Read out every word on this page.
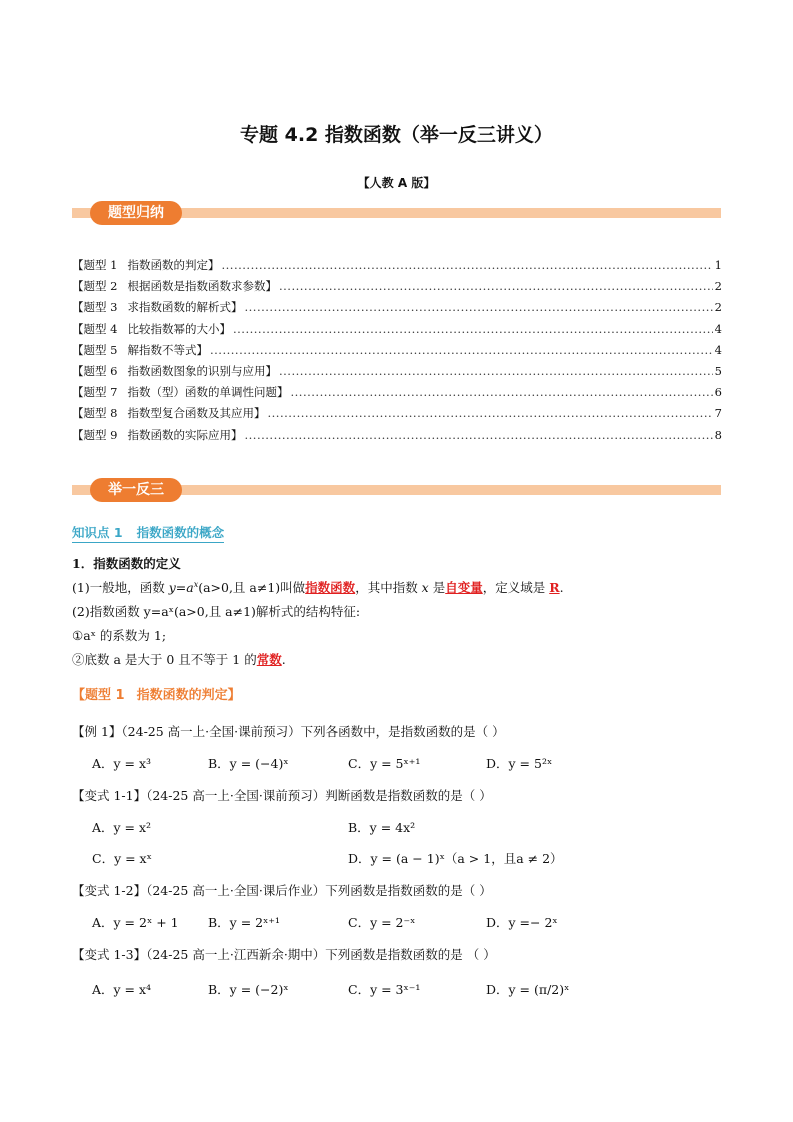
专题 4.2 指数函数（举一反三讲义）
【人教 A 版】
题型归纳
【题型 1 指数函数的判定】 .....	1
【题型 2 根据函数是指数函数求参数】 .....	2
【题型 3 求指数函数的解析式】 .....	2
【题型 4 比较指数幂的大小】 .....	4
【题型 5 解指数不等式】 .....	4
【题型 6 指数函数图象的识别与应用】 .....	5
【题型 7 指数（型）函数的单调性问题】 .....	6
【题型 8 指数型复合函数及其应用】 .....	7
【题型 9 指数函数的实际应用】 .....	8
举一反三
知识点 1 指数函数的概念
1．指数函数的定义
(1)一般地，函数 $y=a^x(a>0$,且 a≠1)叫做指数函数，其中指数 x 是自变量，定义域是 R.
(2)指数函数 y=aˣ(a>0,且 a≠1)解析式的结构特征:
①aˣ 的系数为 1;
②底数 a 是大于 0 且不等于 1 的常数.
【题型 1 指数函数的判定】
【例 1】（24-25 高一上·全国·课前预习）下列各函数中，是指数函数的是（ ）
A．y = x³	B．y = (−4)ˣ	C．y = 5ˣ⁺¹	D．y = 5²ˣ
【变式 1-1】（24-25 高一上·全国·课前预习）判断函数是指数函数的是（ ）
A．y = x²	B．y = 4x²
C．y = xˣ	D．y = (a − 1)ˣ（a > 1，且a ≠ 2）
【变式 1-2】（24-25 高一上·全国·课后作业）下列函数是指数函数的是（ ）
A．y = 2ˣ + 1 B．y = 2ˣ⁺¹	C．y = 2⁻ˣ	D．y =− 2ˣ
【变式 1-3】（24-25 高一上·江西新余·期中）下列函数是指数函数的是 （ ）
A．y = x⁴	B．y = (−2)ˣ	C．y = 3ˣ⁻¹	D．y = (π/2)ˣ
